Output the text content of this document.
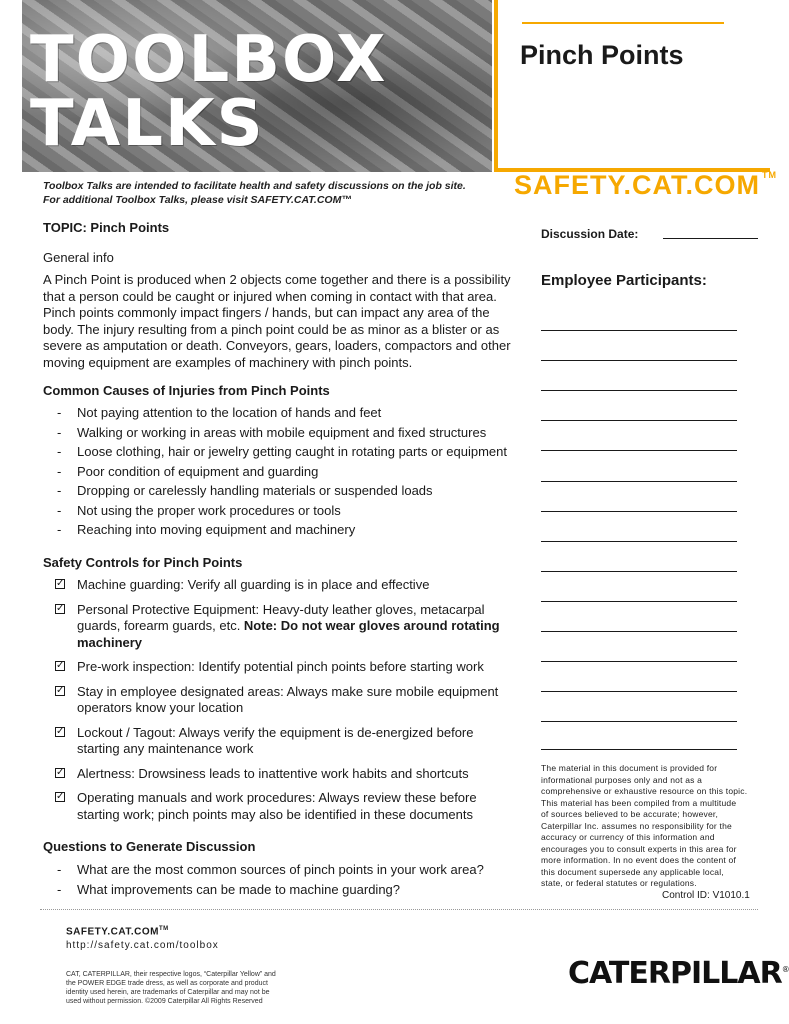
TOOLBOX
TALKS
Pinch Points
SAFETY.CAT.COM ™
Toolbox Talks are intended to facilitate health and safety discussions on the job site.
For additional Toolbox Talks, please visit SAFETY.CAT.COM™
TOPIC: Pinch Points
General info
A Pinch Point is produced when 2 objects come together and there is a possibility
that a person could be caught or injured when coming in contact with that area.
Pinch points commonly impact fingers / hands, but can impact any area of the
body. The injury resulting from a pinch point could be as minor as a blister or as
severe as amputation or death. Conveyors, gears, loaders, compactors and other
moving equipment are examples of machinery with pinch points.
Common Causes of Injuries from Pinch Points
- Not paying attention to the location of hands and feet
- Walking or working in areas with mobile equipment and fixed structures
- Loose clothing, hair or jewelry getting caught in rotating parts or equipment
- Poor condition of equipment and guarding
- Dropping or carelessly handling materials or suspended loads
- Not using the proper work procedures or tools
- Reaching into moving equipment and machinery
Safety Controls for Pinch Points
✓ Machine guarding: Verify all guarding is in place and effective
✓ Personal Protective Equipment: Heavy-duty leather gloves, metacarpal
guards, forearm guards, etc. Note: Do not wear gloves around rotating
machinery
✓ Pre-work inspection: Identify potential pinch points before starting work
✓ Stay in employee designated areas: Always make sure mobile equipment
operators know your location
✓ Lockout / Tagout: Always verify the equipment is de-energized before
starting any maintenance work
✓ Alertness: Drowsiness leads to inattentive work habits and shortcuts
✓ Operating manuals and work procedures: Always review these before
starting work; pinch points may also be identified in these documents
Questions to Generate Discussion
- What are the most common sources of pinch points in your work area?
- What improvements can be made to machine guarding?
Discussion Date:
Employee Participants:
The material in this document is provided for
informational purposes only and not as a
comprehensive or exhaustive resource on this topic.
This material has been compiled from a multitude
of sources believed to be accurate; however,
Caterpillar Inc. assumes no responsibility for the
accuracy or currency of this information and
encourages you to consult experts in this area for
more information. In no event does the content of
this document supersede any applicable local,
state, or federal statutes or regulations.
Control ID: V1010.1
SAFETY.CAT.COM™
http://safety.cat.com/toolbox
CAT, CATERPILLAR, their respective logos, “Caterpillar Yellow” and
the POWER EDGE trade dress, as well as corporate and product
identity used herein, are trademarks of Caterpillar and may not be
used without permission. ©2009 Caterpillar All Rights Reserved
CATERPILLAR®
